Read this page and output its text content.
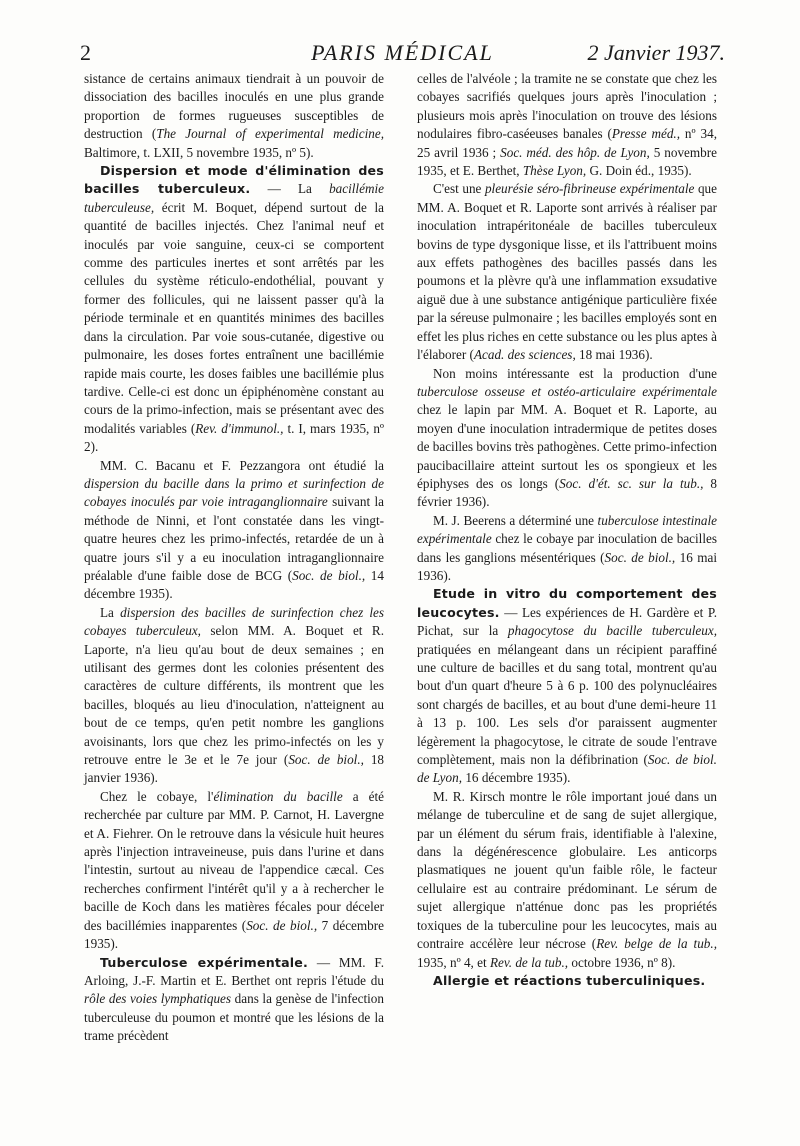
2	PARIS MÉDICAL	2 Janvier 1937.

sistance de certains animaux tiendrait à un pouvoir de dissociation des bacilles inoculés en une plus grande proportion de formes rugueuses susceptibles de destruction (The Journal of experimental medicine, Baltimore, t. LXII, 5 novembre 1935, nº 5).

Dispersion et mode d'élimination des bacilles tuberculeux. — La bacillémie tuberculeuse, écrit M. Boquet, dépend surtout de la quantité de bacilles injectés. Chez l'animal neuf et inoculés par voie sanguine, ceux-ci se comportent comme des particules inertes et sont arrêtés par les cellules du système réticulo-endothélial, pouvant y former des follicules, qui ne laissent passer qu'à la période terminale et en quantités minimes des bacilles dans la circulation. Par voie sous-cutanée, digestive ou pulmonaire, les doses fortes entraînent une bacillémie rapide mais courte, les doses faibles une bacillémie plus tardive. Celle-ci est donc un épiphénomène constant au cours de la primo-infection, mais se présentant avec des modalités variables (Rev. d'immunol., t. I, mars 1935, nº 2).

MM. C. Bacanu et F. Pezzangora ont étudié la dispersion du bacille dans la primo et surinfection de cobayes inoculés par voie intraganglionnaire suivant la méthode de Ninni, et l'ont constatée dans les vingt-quatre heures chez les primo-infectés, retardée de un à quatre jours s'il y a eu inoculation intraganglionnaire préalable d'une faible dose de BCG (Soc. de biol., 14 décembre 1935).

La dispersion des bacilles de surinfection chez les cobayes tuberculeux, selon MM. A. Boquet et R. Laporte, n'a lieu qu'au bout de deux semaines ; en utilisant des germes dont les colonies présentent des caractères de culture différents, ils montrent que les bacilles, bloqués au lieu d'inoculation, n'atteignent au bout de ce temps, qu'en petit nombre les ganglions avoisinants, lors que chez les primo-infectés on les y retrouve entre le 3e et le 7e jour (Soc. de biol., 18 janvier 1936).

Chez le cobaye, l'élimination du bacille a été recherchée par culture par MM. P. Carnot, H. Lavergne et A. Fiehrer. On le retrouve dans la vésicule huit heures après l'injection intraveineuse, puis dans l'urine et dans l'intestin, surtout au niveau de l'appendice cæcal. Ces recherches confirment l'intérêt qu'il y a à rechercher le bacille de Koch dans les matières fécales pour déceler des bacillémies inapparentes (Soc. de biol., 7 décembre 1935).

Tuberculose expérimentale. — MM. F. Arloing, J.-F. Martin et E. Berthet ont repris l'étude du rôle des voies lymphatiques dans la genèse de l'infection tuberculeuse du poumon et montré que les lésions de la trame précèdent

celles de l'alvéole ; la tramite ne se constate que chez les cobayes sacrifiés quelques jours après l'inoculation ; plusieurs mois après l'inoculation on trouve des lésions nodulaires fibro-caséeuses banales (Presse méd., nº 34, 25 avril 1936 ; Soc. méd. des hôp. de Lyon, 5 novembre 1935, et E. Berthet, Thèse Lyon, G. Doin éd., 1935).

C'est une pleurésie séro-fibrineuse expérimentale que MM. A. Boquet et R. Laporte sont arrivés à réaliser par inoculation intrapéritonéale de bacilles tuberculeux bovins de type dysgonique lisse, et ils l'attribuent moins aux effets pathogènes des bacilles passés dans les poumons et la plèvre qu'à une inflammation exsudative aiguë due à une substance antigénique particulière fixée par la séreuse pulmonaire ; les bacilles employés sont en effet les plus riches en cette substance ou les plus aptes à l'élaborer (Acad. des sciences, 18 mai 1936).

Non moins intéressante est la production d'une tuberculose osseuse et ostéo-articulaire expérimentale chez le lapin par MM. A. Boquet et R. Laporte, au moyen d'une inoculation intradermique de petites doses de bacilles bovins très pathogènes. Cette primo-infection paucibacillaire atteint surtout les os spongieux et les épiphyses des os longs (Soc. d'ét. sc. sur la tub., 8 février 1936).

M. J. Beerens a déterminé une tuberculose intestinale expérimentale chez le cobaye par inoculation de bacilles dans les ganglions mésentériques (Soc. de biol., 16 mai 1936).

Etude in vitro du comportement des leucocytes. — Les expériences de H. Gardère et P. Pichat, sur la phagocytose du bacille tuberculeux, pratiquées en mélangeant dans un récipient paraffiné une culture de bacilles et du sang total, montrent qu'au bout d'un quart d'heure 5 à 6 p. 100 des polynucléaires sont chargés de bacilles, et au bout d'une demi-heure 11 à 13 p. 100. Les sels d'or paraissent augmenter légèrement la phagocytose, le citrate de soude l'entrave complètement, mais non la défibrination (Soc. de biol. de Lyon, 16 décembre 1935).

M. R. Kirsch montre le rôle important joué dans un mélange de tuberculine et de sang de sujet allergique, par un élément du sérum frais, identifiable à l'alexine, dans la dégénérescence globulaire. Les anticorps plasmatiques ne jouent qu'un faible rôle, le facteur cellulaire est au contraire prédominant. Le sérum de sujet allergique n'atténue donc pas les propriétés toxiques de la tuberculine pour les leucocytes, mais au contraire accélère leur nécrose (Rev. belge de la tub., 1935, nº 4, et Rev. de la tub., octobre 1936, nº 8).

Allergie et réactions tuberculiniques.
